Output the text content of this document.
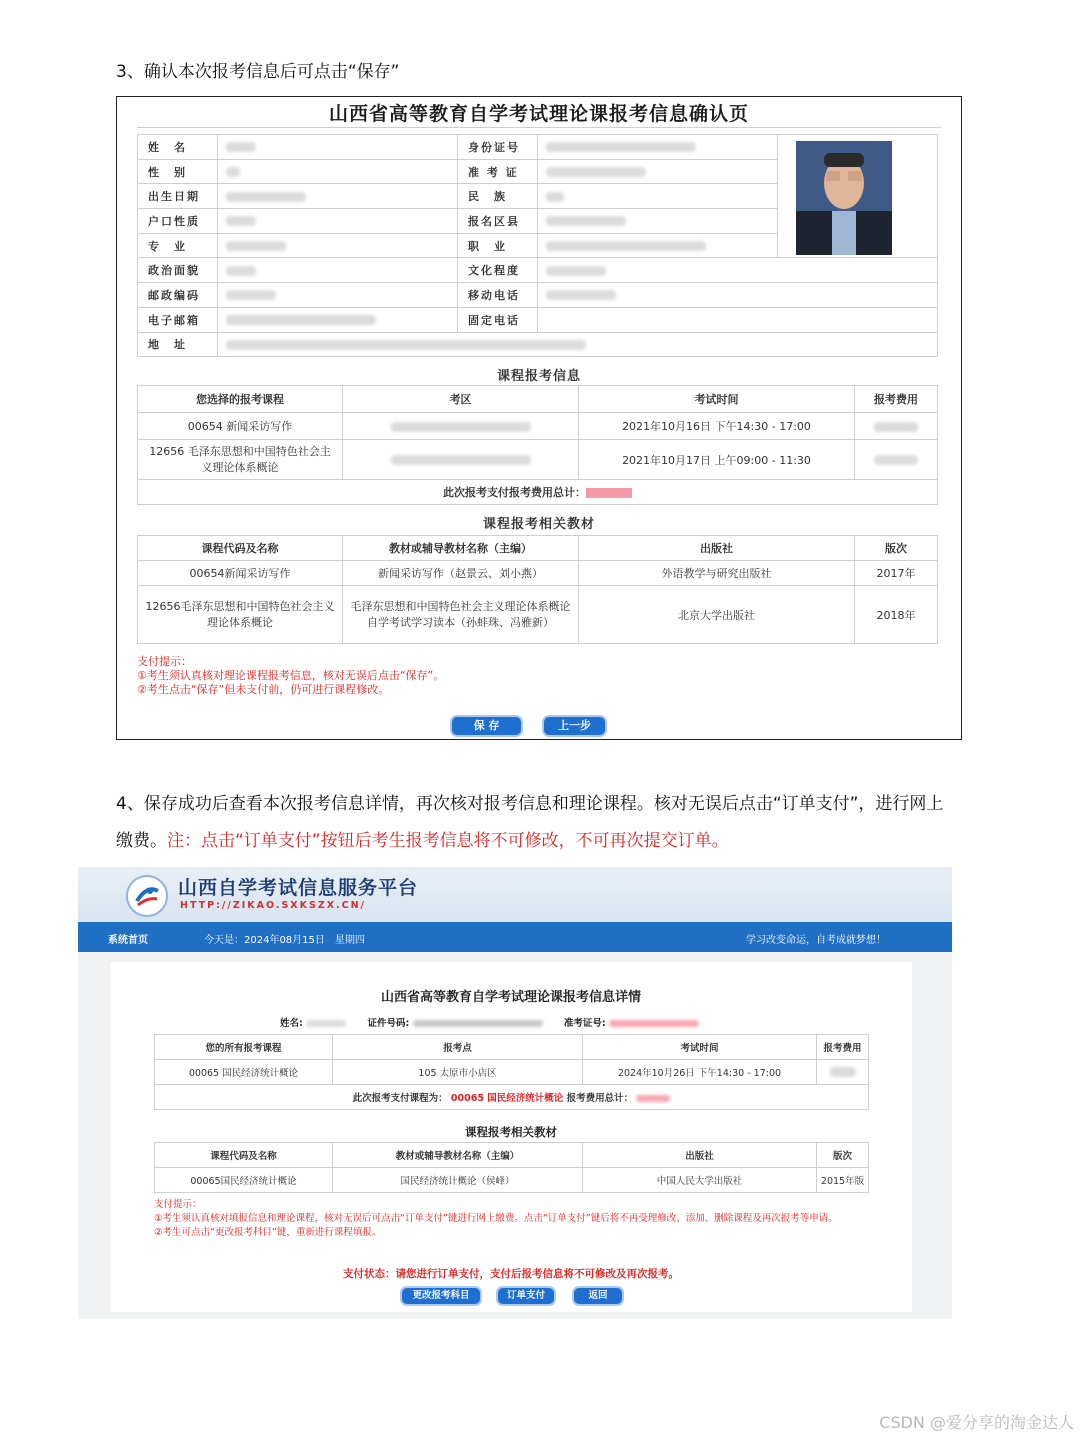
3、确认本次报考信息后可点击“保存”
山西省高等教育自学考试理论课报考信息确认页
姓　名		身份证号		
性　别		准 考 证		
出生日期		民　族		
户口性质		报名区县		
专　业		职　业		
政治面貌		文化程度		
邮政编码		移动电话		
电子邮箱		固定电话		
地　址				
课程报考信息
您选择的报考课程	考区	考试时间	报考费用
00654 新闻采访写作		2021年10月16日 下午14:30 - 17:00	
12656 毛泽东思想和中国特色社会主义理论体系概论		2021年10月17日 上午09:00 - 11:30	
此次报考支付报考费用总计：			
课程报考相关教材
课程代码及名称	教材或辅导教材名称（主编）	出版社	版次
00654新闻采访写作	新闻采访写作（赵景云、刘小燕）	外语教学与研究出版社	2017年
12656毛泽东思想和中国特色社会主义理论体系概论	毛泽东思想和中国特色社会主义理论体系概论自学考试学习读本（孙蚌珠、冯雅新）	北京大学出版社	2018年
支付提示：
①考生须认真核对理论课程报考信息，核对无误后点击“保存”。
②考生点击“保存”但未支付前，仍可进行课程修改。
保 存	上一步
4、保存成功后查看本次报考信息详情，再次核对报考信息和理论课程。核对无误后点击“订单支付”，进行网上
缴费。注：点击“订单支付”按钮后考生报考信息将不可修改，不可再次提交订单。
山西自学考试信息服务平台
HTTP://ZIKAO.SXKSZX.CN/
系统首页	今天是：2024年08月15日　星期四	学习改变命运，自考成就梦想！
山西省高等教育自学考试理论课报考信息详情
姓名:	证件号码:	准考证号:
您的所有报考课程	报考点	考试时间	报考费用
00065 国民经济统计概论	105 太原市小店区	2024年10月26日 下午14:30 - 17:00	
此次报考支付课程为： 00065 国民经济统计概论 报考费用总计：			
课程报考相关教材
课程代码及名称	教材或辅导教材名称（主编）	出版社	版次
00065国民经济统计概论	国民经济统计概论（侯峰）	中国人民大学出版社	2015年版
支付提示：
①考生须认真核对填报信息和理论课程，核对无误后可点击“订单支付”键进行网上缴费。点击“订单支付”键后将不再受理修改、添加、删除课程及再次报考等申请。
②考生可点击“更改报考科目”键，重新进行课程填报。
支付状态：请您进行订单支付，支付后报考信息将不可修改及再次报考。
更改报考科目	订单支付	返回
CSDN @爱分享的淘金达人
